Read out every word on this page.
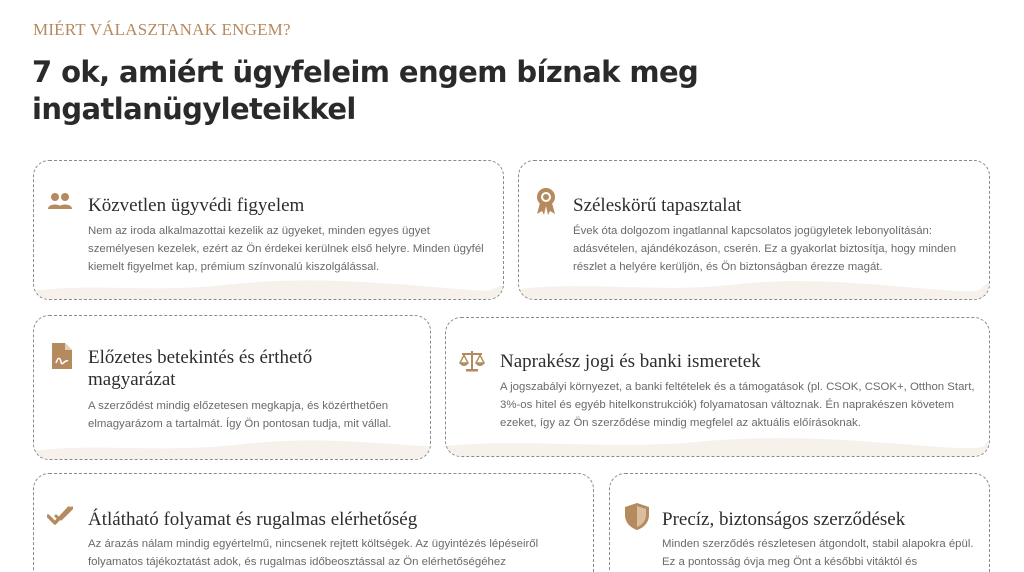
MIÉRT VÁLASZTANAK ENGEM?
7 ok, amiért ügyfeleim engem bíznak meg ingatlanügyleteikkel
Közvetlen ügyvédi figyelem
Nem az iroda alkalmazottai kezelik az ügyeket, minden egyes ügyet személyesen kezelek, ezért az Ön érdekei kerülnek első helyre. Minden ügyfél kiemelt figyelmet kap, prémium színvonalú kiszolgálással.
Széleskörű tapasztalat
Évek óta dolgozom ingatlannal kapcsolatos jogügyletek lebonyolításán: adásvételen, ajándékozáson, cserén. Ez a gyakorlat biztosítja, hogy minden részlet a helyére kerüljön, és Ön biztonságban érezze magát.
Előzetes betekintés és érthető magyarázat
A szerződést mindig előzetesen megkapja, és közérthetően elmagyarázom a tartalmát. Így Ön pontosan tudja, mit vállal.
Naprakész jogi és banki ismeretek
A jogszabályi környezet, a banki feltételek és a támogatások (pl. CSOK, CSOK+, Otthon Start, 3%-os hitel és egyéb hitelkonstrukciók) folyamatosan változnak. Én naprakészen követem ezeket, így az Ön szerződése mindig megfelel az aktuális előírásoknak.
Átlátható folyamat és rugalmas elérhetőség
Az árazás nálam mindig egyértelmű, nincsenek rejtett költségek. Az ügyintézés lépéseiről folyamatos tájékoztatást adok, és rugalmas időbeosztással az Ön elérhetőségéhez
Precíz, biztonságos szerződések
Minden szerződés részletesen átgondolt, stabil alapokra épül. Ez a pontosság óvja meg Önt a későbbi vitáktól és
